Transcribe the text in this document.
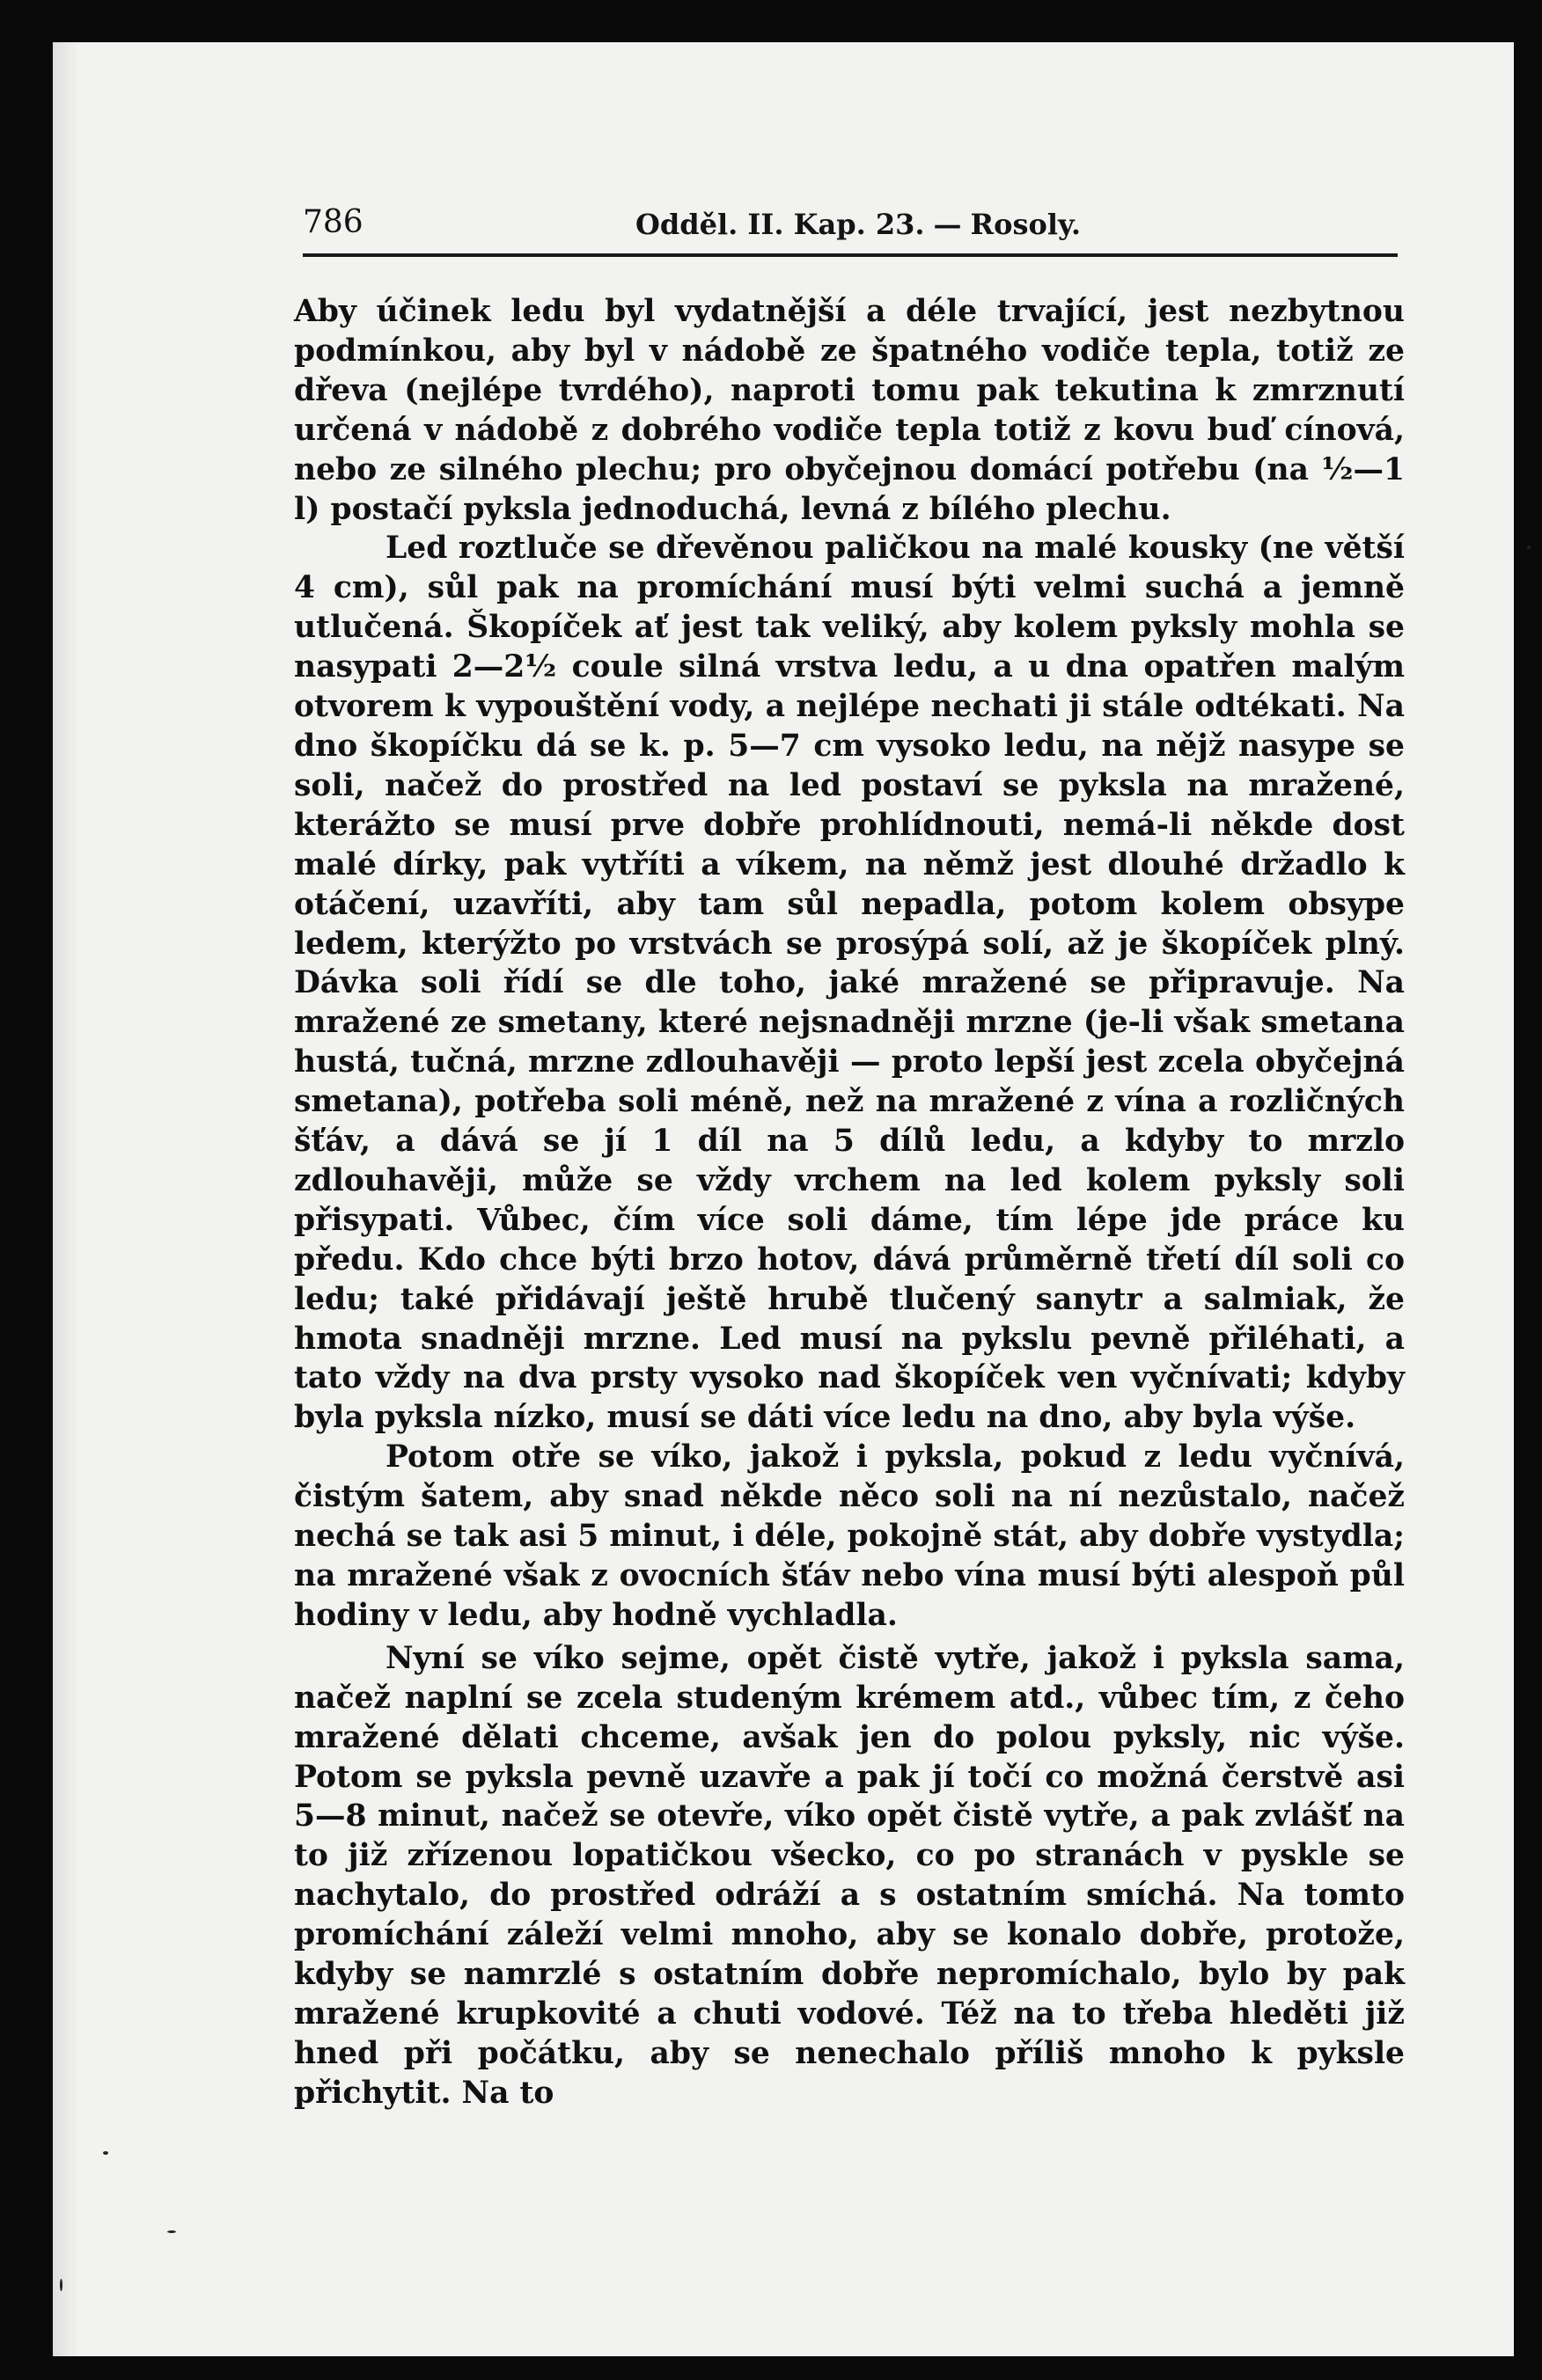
786	Odděl. II. Kap. 23. — Rosoly.

Aby účinek ledu byl vydatnější a déle trvající, jest nezbytnou podmínkou, aby byl v nádobě ze špatného vodiče tepla, totiž ze dřeva (nejlépe tvrdého), naproti tomu pak tekutina k zmrznutí určená v nádobě z dobrého vodiče tepla totiž z kovu buď cínová, nebo ze silného plechu; pro obyčejnou domácí potřebu (na ½—1 l) postačí pyksla jednoduchá, levná z bílého plechu.

Led roztluče se dřevěnou paličkou na malé kousky (ne větší 4 cm), sůl pak na promíchání musí býti velmi suchá a jemně utlučená. Škopíček ať jest tak veliký, aby kolem pyksly mohla se nasypati 2—2½ coule silná vrstva ledu, a u dna opatřen malým otvorem k vypouštění vody, a nejlépe nechati ji stále odtékati. Na dno škopíčku dá se k. p. 5—7 cm vysoko ledu, na nějž nasype se soli, načež do prostřed na led postaví se pyksla na mražené, kterážto se musí prve dobře prohlídnouti, nemá-li někde dost malé dírky, pak vytříti a víkem, na němž jest dlouhé držadlo k otáčení, uzavříti, aby tam sůl nepadla, potom kolem obsype ledem, kterýžto po vrstvách se prosýpá solí, až je škopíček plný. Dávka soli řídí se dle toho, jaké mražené se připravuje. Na mražené ze smetany, které nejsnadněji mrzne (je-li však smetana hustá, tučná, mrzne zdlouhavěji — proto lepší jest zcela obyčejná smetana), potřeba soli méně, než na mražené z vína a rozličných šťáv, a dává se jí 1 díl na 5 dílů ledu, a kdyby to mrzlo zdlouhavěji, může se vždy vrchem na led kolem pyksly soli přisypati. Vůbec, čím více soli dáme, tím lépe jde práce ku předu. Kdo chce býti brzo hotov, dává průměrně třetí díl soli co ledu; také přidávají ještě hrubě tlučený sanytr a salmiak, že hmota snadněji mrzne. Led musí na pykslu pevně přiléhati, a tato vždy na dva prsty vysoko nad škopíček ven vyčnívati; kdyby byla pyksla nízko, musí se dáti více ledu na dno, aby byla výše.

Potom otře se víko, jakož i pyksla, pokud z ledu vyčnívá, čistým šatem, aby snad někde něco soli na ní nezůstalo, načež nechá se tak asi 5 minut, i déle, pokojně stát, aby dobře vystydla; na mražené však z ovocních šťáv nebo vína musí býti alespoň půl hodiny v ledu, aby hodně vychladla.

Nyní se víko sejme, opět čistě vytře, jakož i pyksla sama, načež naplní se zcela studeným krémem atd., vůbec tím, z čeho mražené dělati chceme, avšak jen do polou pyksly, nic výše. Potom se pyksla pevně uzavře a pak jí točí co možná čerstvě asi 5—8 minut, načež se otevře, víko opět čistě vytře, a pak zvlášť na to již zřízenou lopatičkou všecko, co po stranách v pyskle se nachytalo, do prostřed odráží a s ostatním smíchá. Na tomto promíchání záleží velmi mnoho, aby se konalo dobře, protože, kdyby se namrzlé s ostatním dobře nepromíchalo, bylo by pak mražené krupkovité a chuti vodové. Též na to třeba hleděti již hned při počátku, aby se nenechalo příliš mnoho k pyksle přichytit. Na to
